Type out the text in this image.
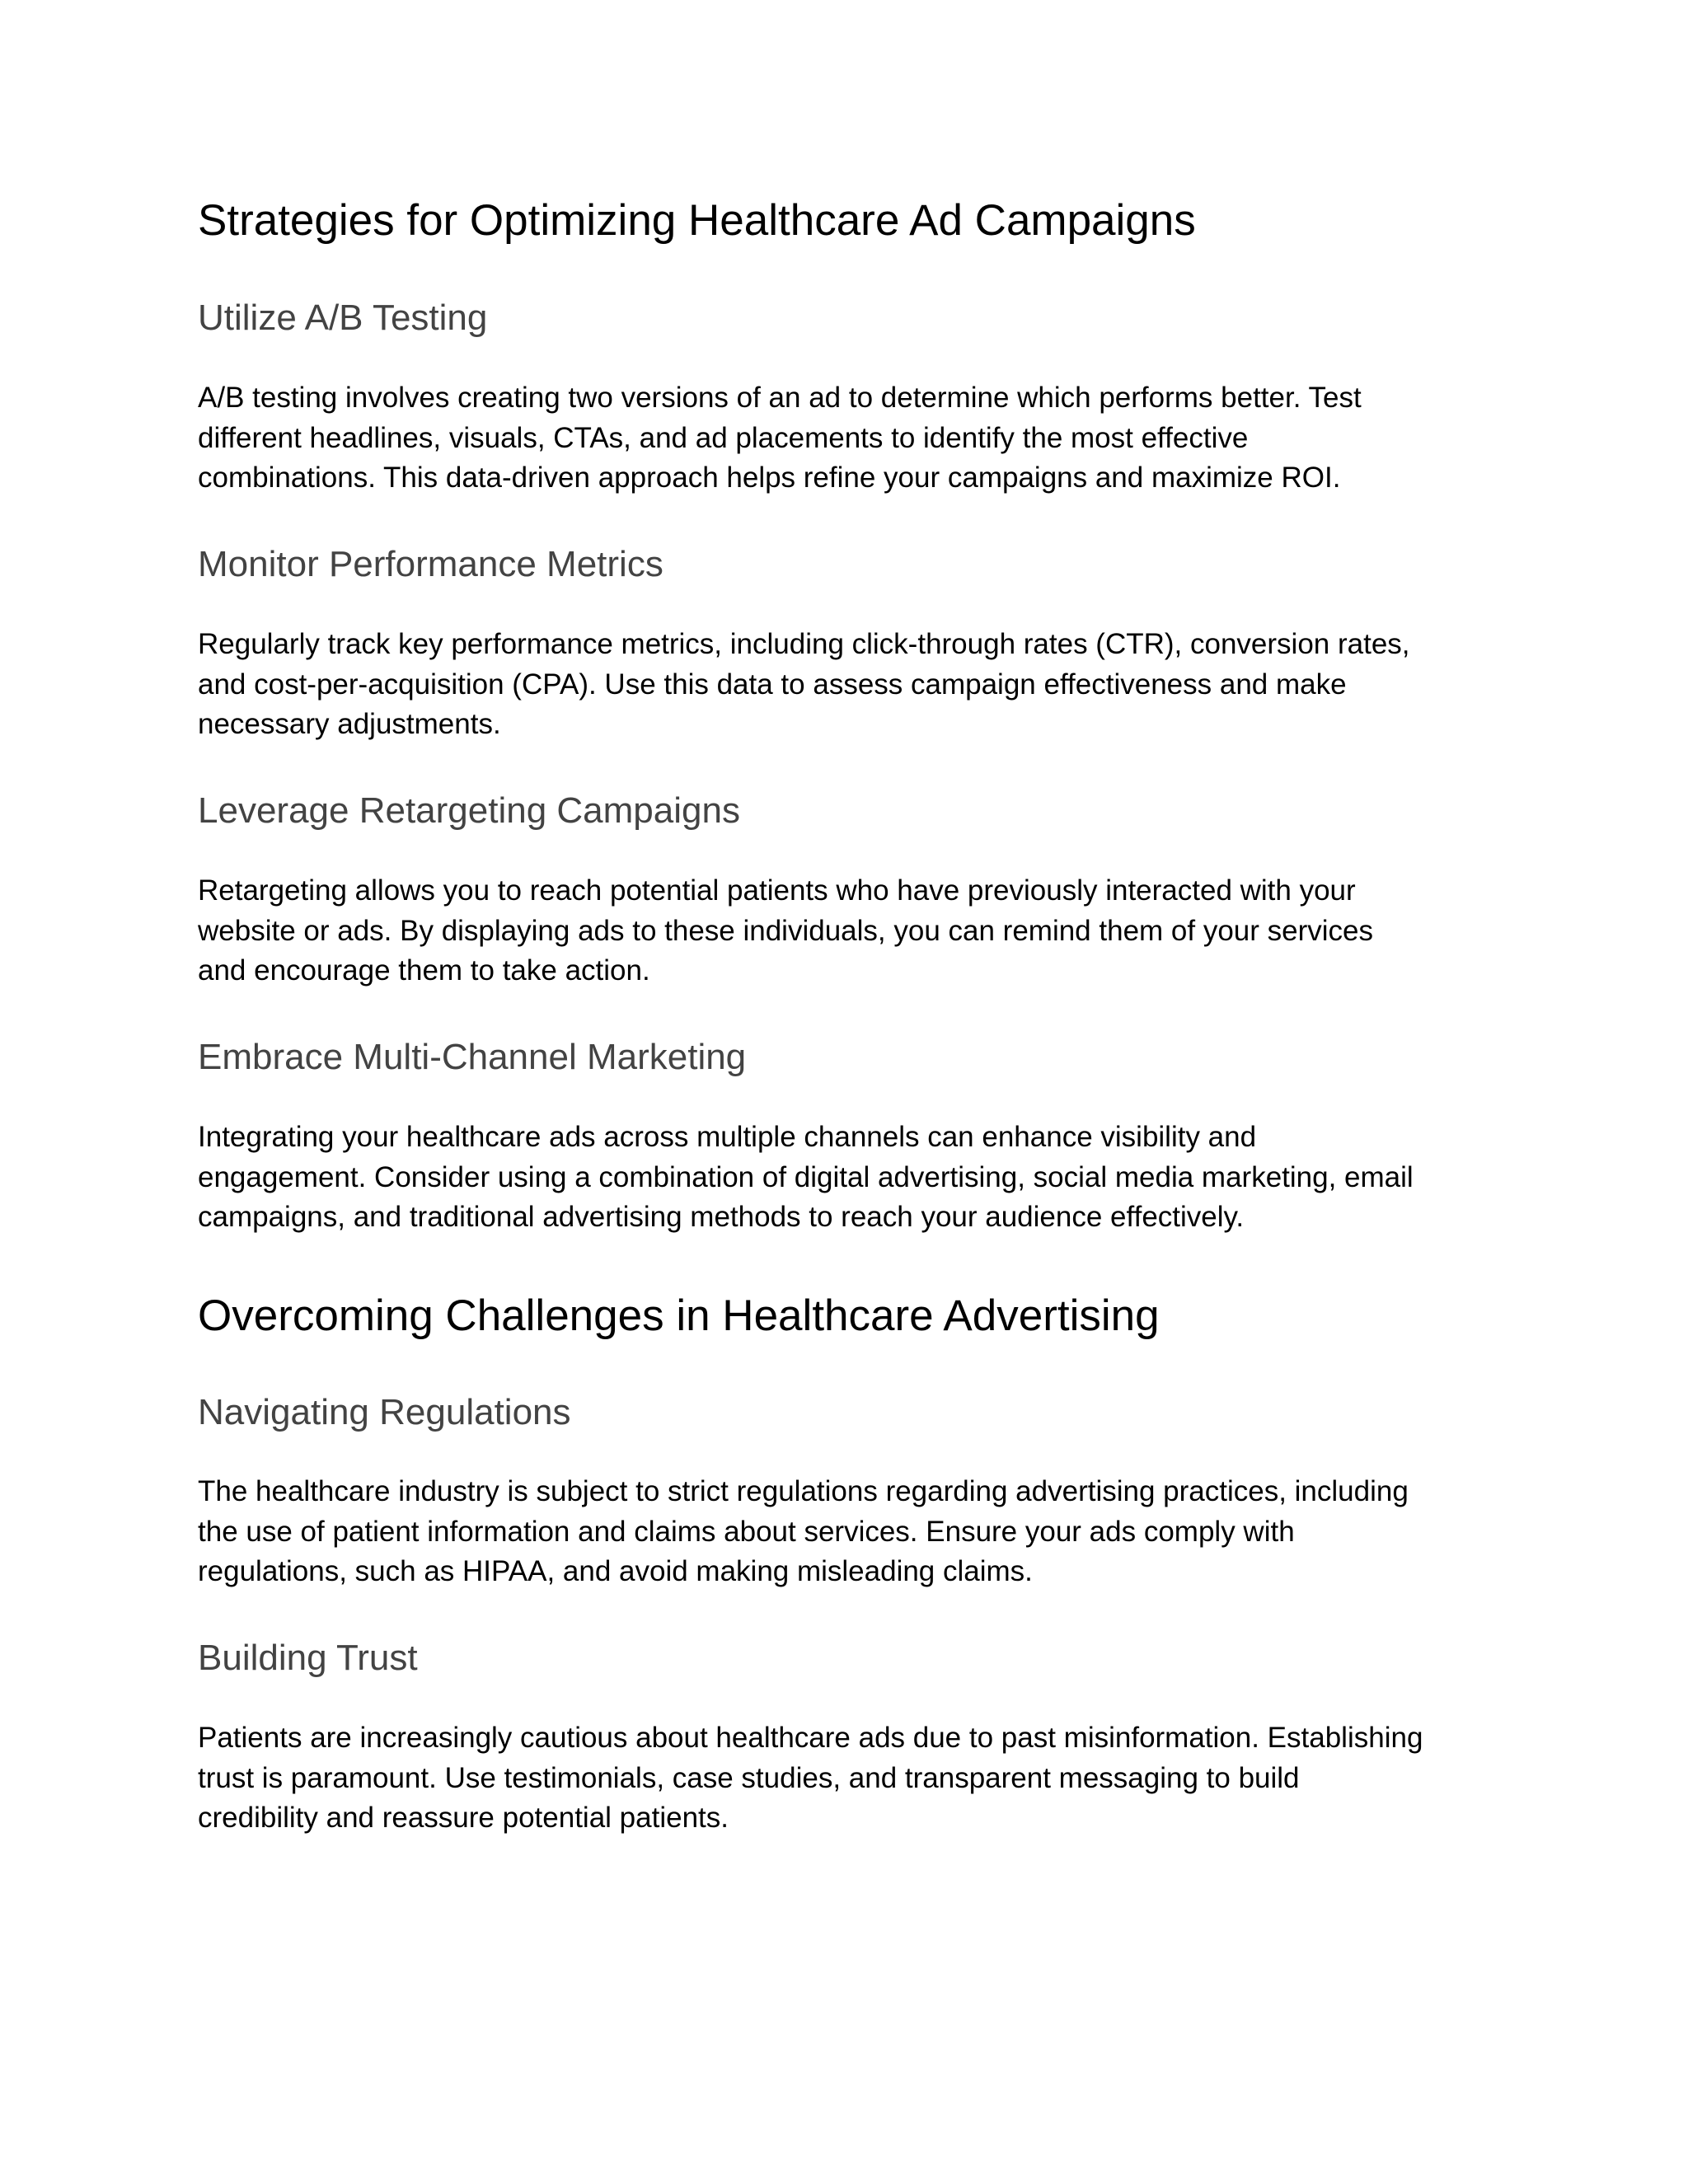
Strategies for Optimizing Healthcare Ad Campaigns
Utilize A/B Testing

A/B testing involves creating two versions of an ad to determine which performs better. Test
different headlines, visuals, CTAs, and ad placements to identify the most effective
combinations. This data-driven approach helps refine your campaigns and maximize ROI.

Monitor Performance Metrics

Regularly track key performance metrics, including click-through rates (CTR), conversion rates,
and cost-per-acquisition (CPA). Use this data to assess campaign effectiveness and make
necessary adjustments.

Leverage Retargeting Campaigns

Retargeting allows you to reach potential patients who have previously interacted with your
website or ads. By displaying ads to these individuals, you can remind them of your services
and encourage them to take action.

Embrace Multi-Channel Marketing

Integrating your healthcare ads across multiple channels can enhance visibility and
engagement. Consider using a combination of digital advertising, social media marketing, email
campaigns, and traditional advertising methods to reach your audience effectively.

Overcoming Challenges in Healthcare Advertising
Navigating Regulations

The healthcare industry is subject to strict regulations regarding advertising practices, including
the use of patient information and claims about services. Ensure your ads comply with
regulations, such as HIPAA, and avoid making misleading claims.

Building Trust

Patients are increasingly cautious about healthcare ads due to past misinformation. Establishing
trust is paramount. Use testimonials, case studies, and transparent messaging to build
credibility and reassure potential patients.
